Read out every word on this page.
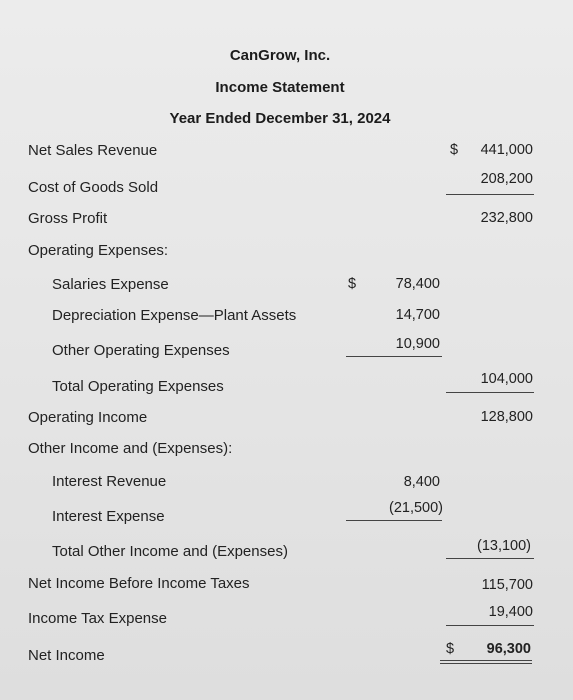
CanGrow, Inc.
Income Statement
Year Ended December 31, 2024
Net Sales Revenue	$ 441,000
Cost of Goods Sold	208,200
Gross Profit	232,800
Operating Expenses:
Salaries Expense	$	78,400
Depreciation Expense—Plant Assets	14,700
Other Operating Expenses	10,900
Total Operating Expenses	104,000
Operating Income	128,800
Other Income and (Expenses):
Interest Revenue	8,400
Interest Expense	(21,500)
Total Other Income and (Expenses)	(13,100)
Net Income Before Income Taxes	115,700
Income Tax Expense	19,400
Net Income	$ 96,300
